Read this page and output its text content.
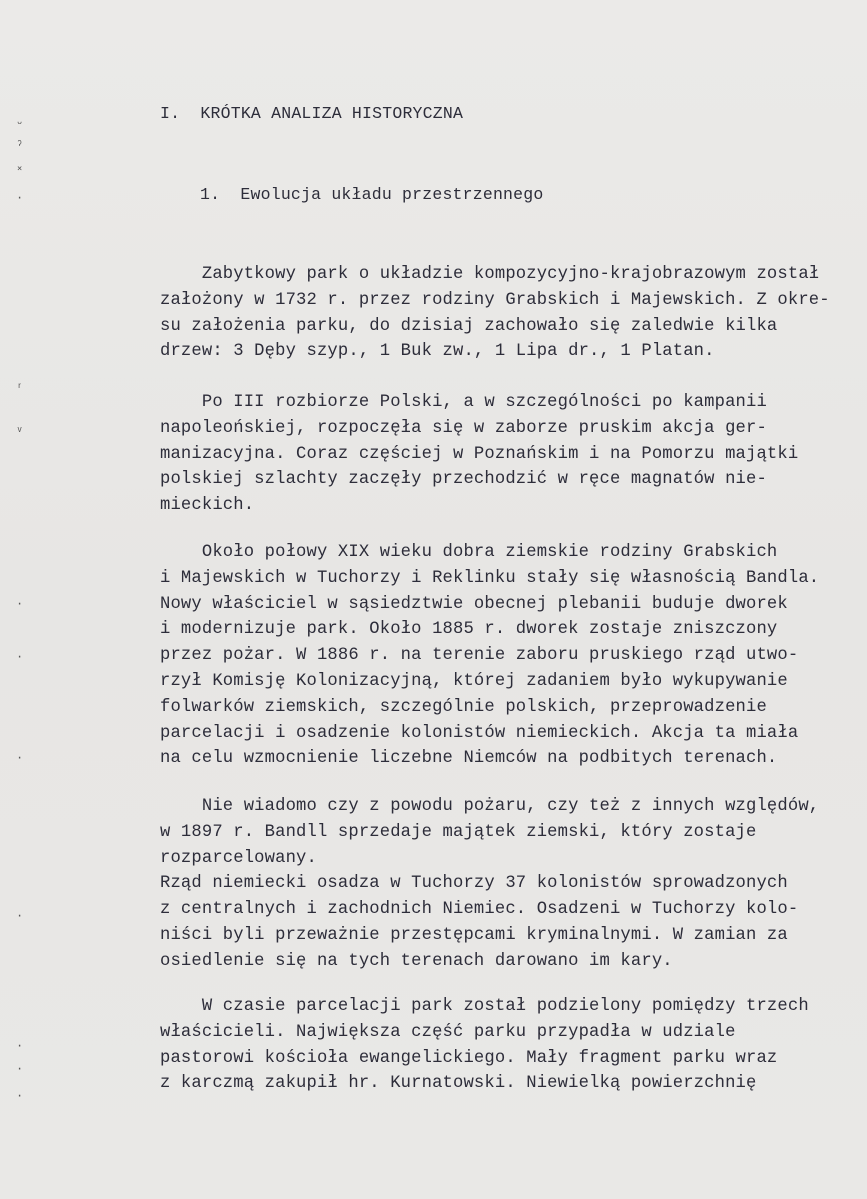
ᵕ
ˀ
˟
·
ʳ
ᵥ
·
·
·
·
·
·
·
I.  KRÓTKA ANALIZA HISTORYCZNA
1.  Ewolucja układu przestrzennego

Zabytkowy park o układzie kompozycyjno-krajobrazowym został
założony w 1732 r. przez rodziny Grabskich i Majewskich. Z okre-
su założenia parku, do dzisiaj zachowało się zaledwie kilka
drzew: 3 Dęby szyp., 1 Buk zw., 1 Lipa dr., 1 Platan.

Po III rozbiorze Polski, a w szczególności po kampanii
napoleońskiej, rozpoczęła się w zaborze pruskim akcja ger-
manizacyjna. Coraz częściej w Poznańskim i na Pomorzu majątki
polskiej szlachty zaczęły przechodzić w ręce magnatów nie-
mieckich.

Około połowy XIX wieku dobra ziemskie rodziny Grabskich
i Majewskich w Tuchorzy i Reklinku stały się własnością Bandla.
Nowy właściciel w sąsiedztwie obecnej plebanii buduje dworek
i modernizuje park. Około 1885 r. dworek zostaje zniszczony
przez pożar. W 1886 r. na terenie zaboru pruskiego rząd utwo-
rzył Komisję Kolonizacyjną, której zadaniem było wykupywanie
folwarków ziemskich, szczególnie polskich, przeprowadzenie
parcelacji i osadzenie kolonistów niemieckich. Akcja ta miała
na celu wzmocnienie liczebne Niemców na podbitych terenach.

Nie wiadomo czy z powodu pożaru, czy też z innych względów,
w 1897 r. Bandll sprzedaje majątek ziemski, który zostaje
rozparcelowany.
Rząd niemiecki osadza w Tuchorzy 37 kolonistów sprowadzonych
z centralnych i zachodnich Niemiec. Osadzeni w Tuchorzy kolo-
niści byli przeważnie przestępcami kryminalnymi. W zamian za
osiedlenie się na tych terenach darowano im kary.

W czasie parcelacji park został podzielony pomiędzy trzech
właścicieli. Największa część parku przypadła w udziale
pastorowi kościoła ewangelickiego. Mały fragment parku wraz
z karczmą zakupił hr. Kurnatowski. Niewielką powierzchnię
